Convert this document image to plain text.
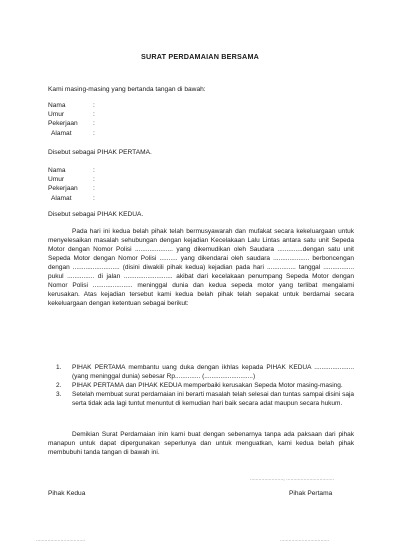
SURAT PERDAMAIAN BERSAMA
Kami masing-masing yang bertanda tangan di bawah:
Nama	:
Umur	:
Pekerjaan :
Alamat	:
Disebut sebagai PIHAK PERTAMA.
Nama	:
Umur	:
Pekerjaan :
Alamat	:
Disebut sebagai PIHAK KEDUA.
Pada hari ini kedua belah pihak telah bermusyawarah dan mufakat secara kekeluargaan untuk menyelesaikan masalah sehubungan dengan kejadian Kecelakaan Lalu Lintas antara satu unit Sepeda Motor dengan Nomor Polisi ..................... yang dikemudikan oleh Saudara ..............dengan satu unit Sepeda Motor dengan Nomor Polisi .......... yang dikendarai oleh saudara .................... berboncengan dengan .......................... (disini diwakili pihak kedua) kejadian pada hari ................ tanggal ................. pukul ............... di jalan ........................... akibat dari kecelakaan penumpang Sepeda Motor dengan Nomor Polisi ...................... meninggal dunia dan kedua sepeda motor yang terlibat mengalami kerusakan. Atas kejadian tersebut kami kedua belah pihak telah sepakat untuk berdamai secara kekeluargaan dengan ketentuan sebagai berikut:
1. PIHAK PERTAMA membantu uang duka dengan ikhlas kepada PIHAK KEDUA ...................... (yang meninggal dunia) sebesar Rp.............. (...........................)
2. PIHAK PERTAMA dan PIHAK KEDUA memperbaiki kerusakan Sepeda Motor masing-masing.
3. Setelah membuat surat perdamaian ini berarti masalah telah selesai dan tuntas sampai disini saja serta tidak ada lagi tuntut menuntut di kemudian hari baik secara adat maupun secara hukum.
Demikian Surat Perdamaian inin kami buat dengan sebenarnya tanpa ada paksaan dari pihak manapun untuk dapat dipergunakan seperlunya dan untuk menguatkan, kami kedua belah pihak membubuhi tanda tangan di bawah ini.
......................., .................................
Pihak Kedua	Pihak Pertama
..................................	..................................
